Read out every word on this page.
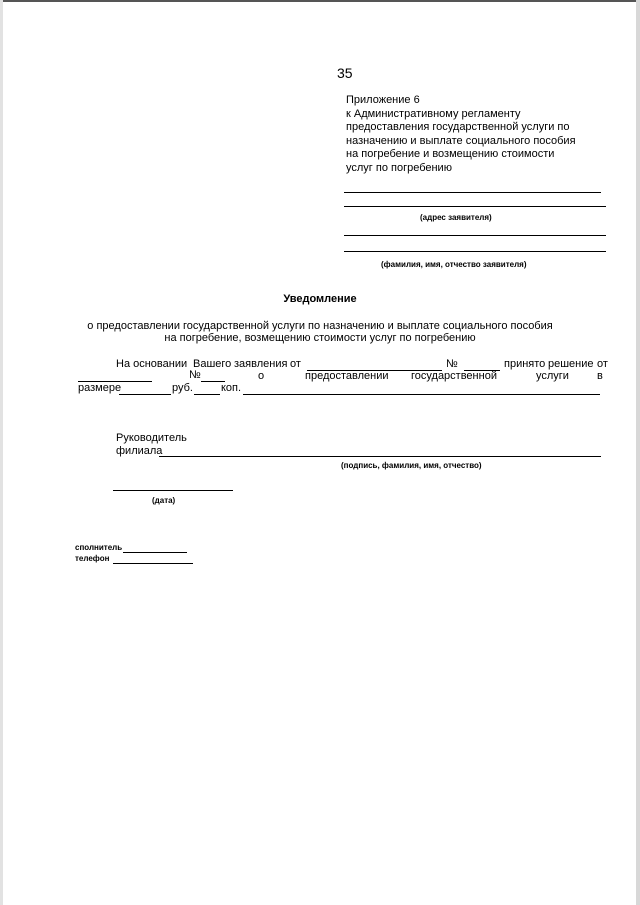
35
Приложение 6
к Административному регламенту
предоставления государственной услуги по
назначению и выплате социального пособия
на погребение и возмещению стоимости
услуг по погребению
(адрес заявителя)
(фамилия, имя, отчество заявителя)
Уведомление
о предоставлении государственной услуги по назначению и выплате социального пособия
на погребение, возмещению стоимости услуг по погребению
На основании Вашего заявления от	№	принято решение от
№	о	предоставлении государственной	услуги	в
размере	руб.	коп.
Руководитель
филиала
(подпись, фамилия, имя, отчество)
(дата)
сполнитель
телефон
